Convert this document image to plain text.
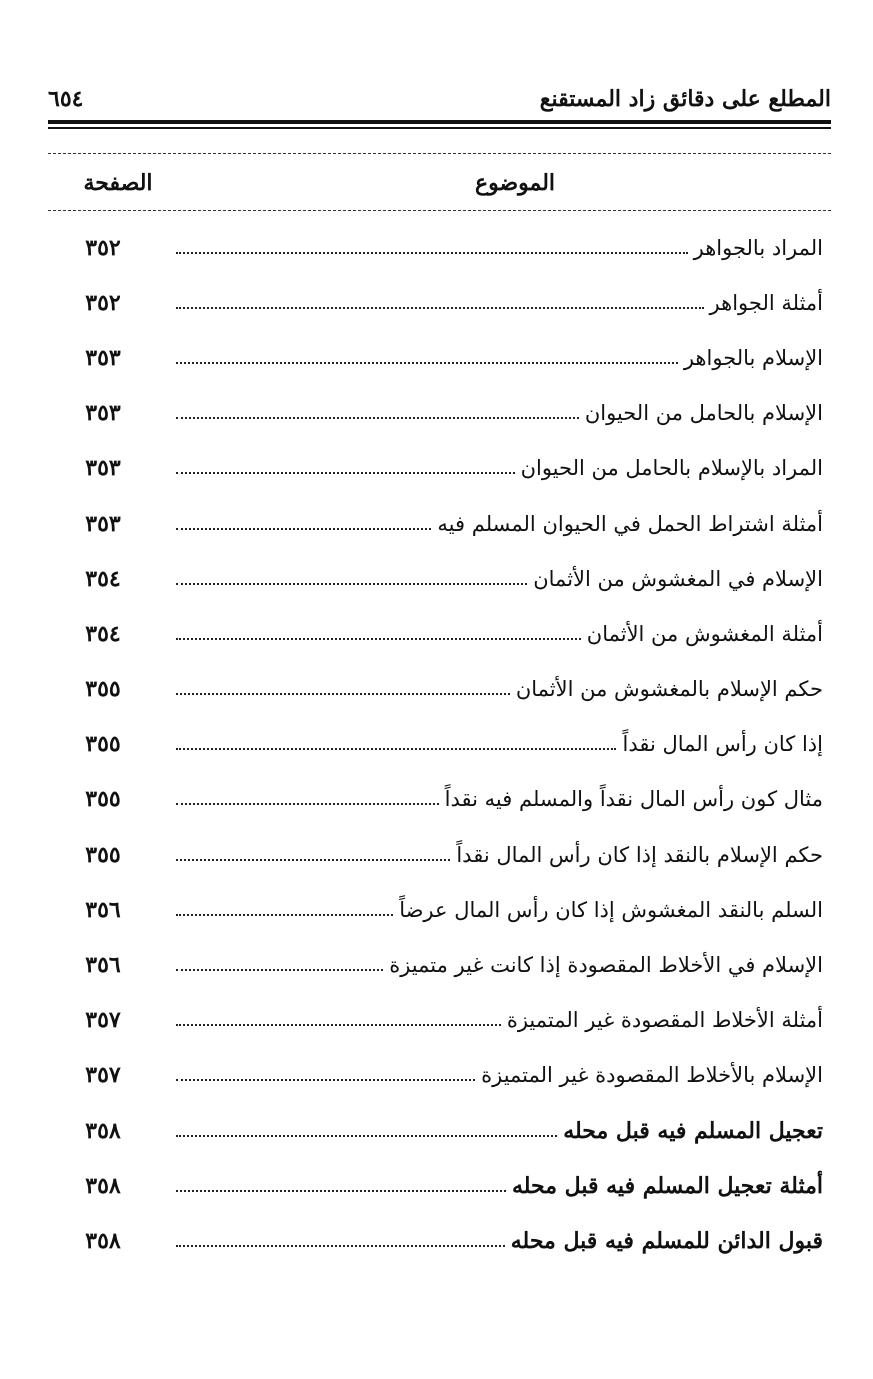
المطلع على دقائق زاد المستقنع
٦٥٤
الموضوع
الصفحة
المراد بالجواهر
٣٥٢
أمثلة الجواهر
٣٥٢
الإسلام بالجواهر
٣٥٣
الإسلام بالحامل من الحيوان
٣٥٣
المراد بالإسلام بالحامل من الحيوان
٣٥٣
أمثلة اشتراط الحمل في الحيوان المسلم فيه
٣٥٣
الإسلام في المغشوش من الأثمان
٣٥٤
أمثلة المغشوش من الأثمان
٣٥٤
حكم الإسلام بالمغشوش من الأثمان
٣٥٥
إذا كان رأس المال نقداً
٣٥٥
مثال كون رأس المال نقداً والمسلم فيه نقداً
٣٥٥
حكم الإسلام بالنقد إذا كان رأس المال نقداً
٣٥٥
السلم بالنقد المغشوش إذا كان رأس المال عرضاً
٣٥٦
الإسلام في الأخلاط المقصودة إذا كانت غير متميزة
٣٥٦
أمثلة الأخلاط المقصودة غير المتميزة
٣٥٧
الإسلام بالأخلاط المقصودة غير المتميزة
٣٥٧
تعجيل المسلم فيه قبل محله
٣٥٨
أمثلة تعجيل المسلم فيه قبل محله
٣٥٨
قبول الدائن للمسلم فيه قبل محله
٣٥٨
